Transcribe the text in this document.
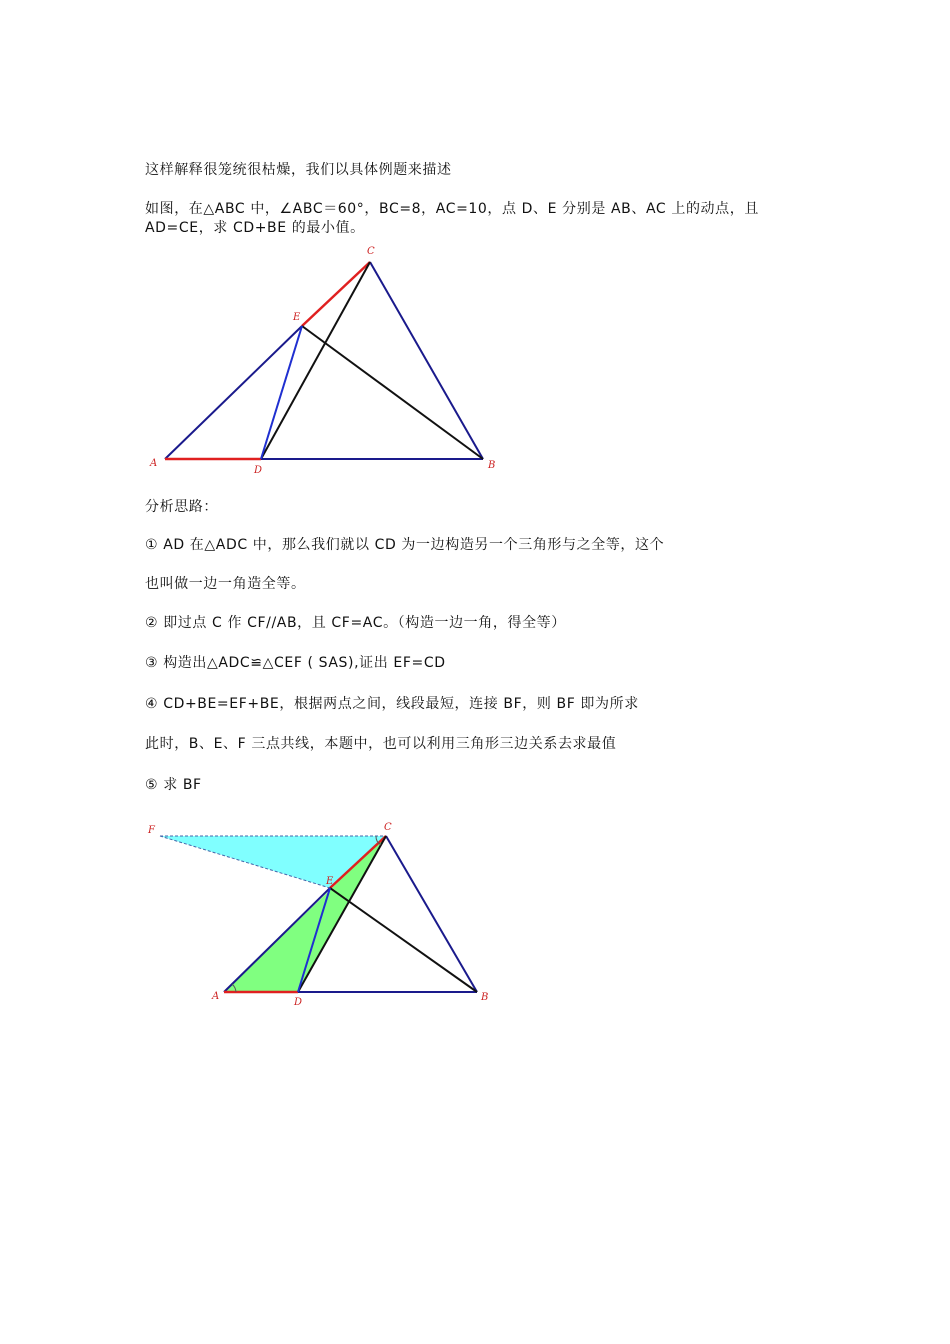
这样解释很笼统很枯燥，我们以具体例题来描述
如图，在△ABC 中，∠ABC＝60°，BC=8，AC=10，点 D、E 分别是 AB、AC 上的动点，且
AD=CE，求 CD+BE 的最小值。
A
D	B
C
E
分析思路：
① AD 在△ADC 中，那么我们就以 CD 为一边构造另一个三角形与之全等，这个
也叫做一边一角造全等。
② 即过点 C 作 CF//AB，且 CF=AC。（构造一边一角，得全等）
③ 构造出△ADC≌△CEF ( SAS),证出 EF=CD
④ CD+BE=EF+BE，根据两点之间，线段最短，连接 BF，则 BF 即为所求
此时，B、E、F 三点共线，本题中，也可以利用三角形三边关系去求最值
⑤ 求 BF
F	C
E
A
D	B
